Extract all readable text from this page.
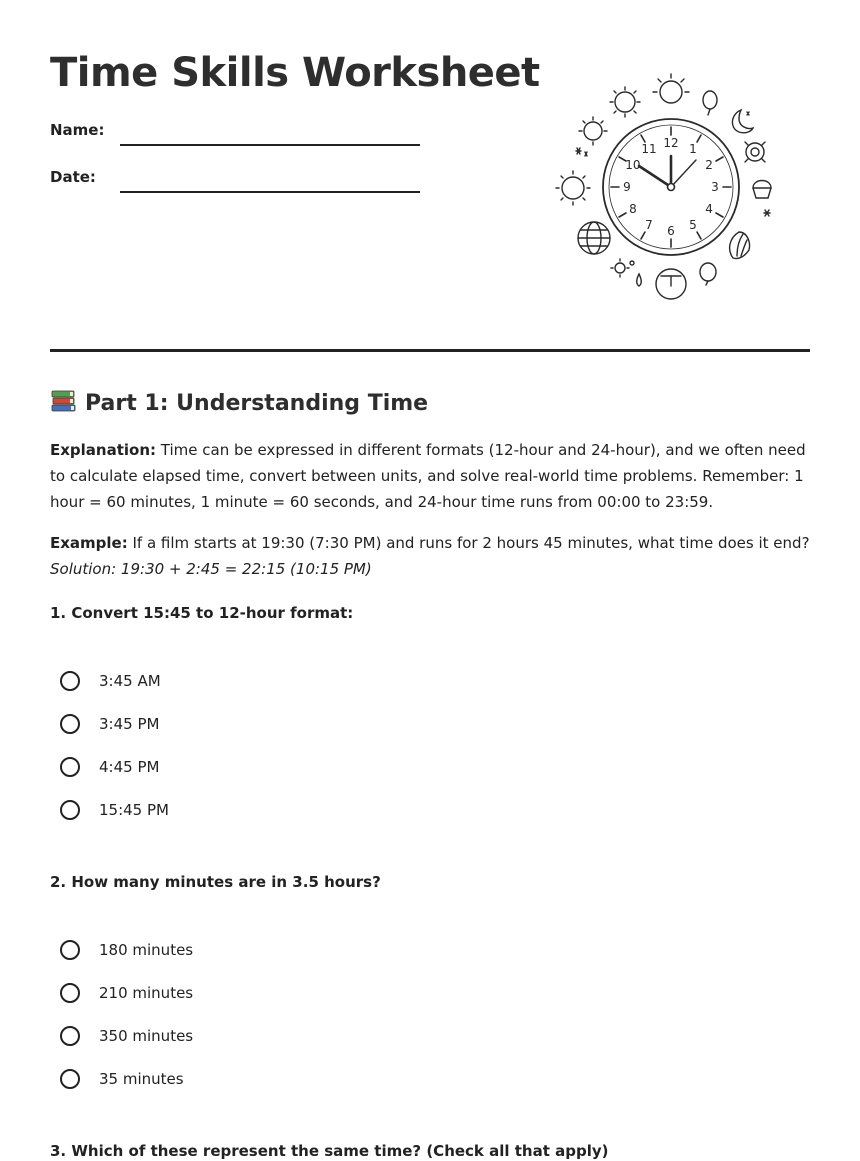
Time Skills Worksheet
Name:
Date:
12 1
2
3
4
5
6
7
8
9
10
11
Part 1: Understanding Time

Explanation: Time can be expressed in different formats (12-hour and 24-hour), and we often need to calculate elapsed time, convert between units, and solve real-world time problems. Remember: 1 hour = 60 minutes, 1 minute = 60 seconds, and 24-hour time runs from 00:00 to 23:59.

Example: If a film starts at 19:30 (7:30 PM) and runs for 2 hours 45 minutes, what time does it end?
Solution: 19:30 + 2:45 = 22:15 (10:15 PM)

1. Convert 15:45 to 12-hour format:

3:45 AM
3:45 PM
4:45 PM
15:45 PM

2. How many minutes are in 3.5 hours?

180 minutes
210 minutes
350 minutes
35 minutes

3. Which of these represent the same time? (Check all that apply)
